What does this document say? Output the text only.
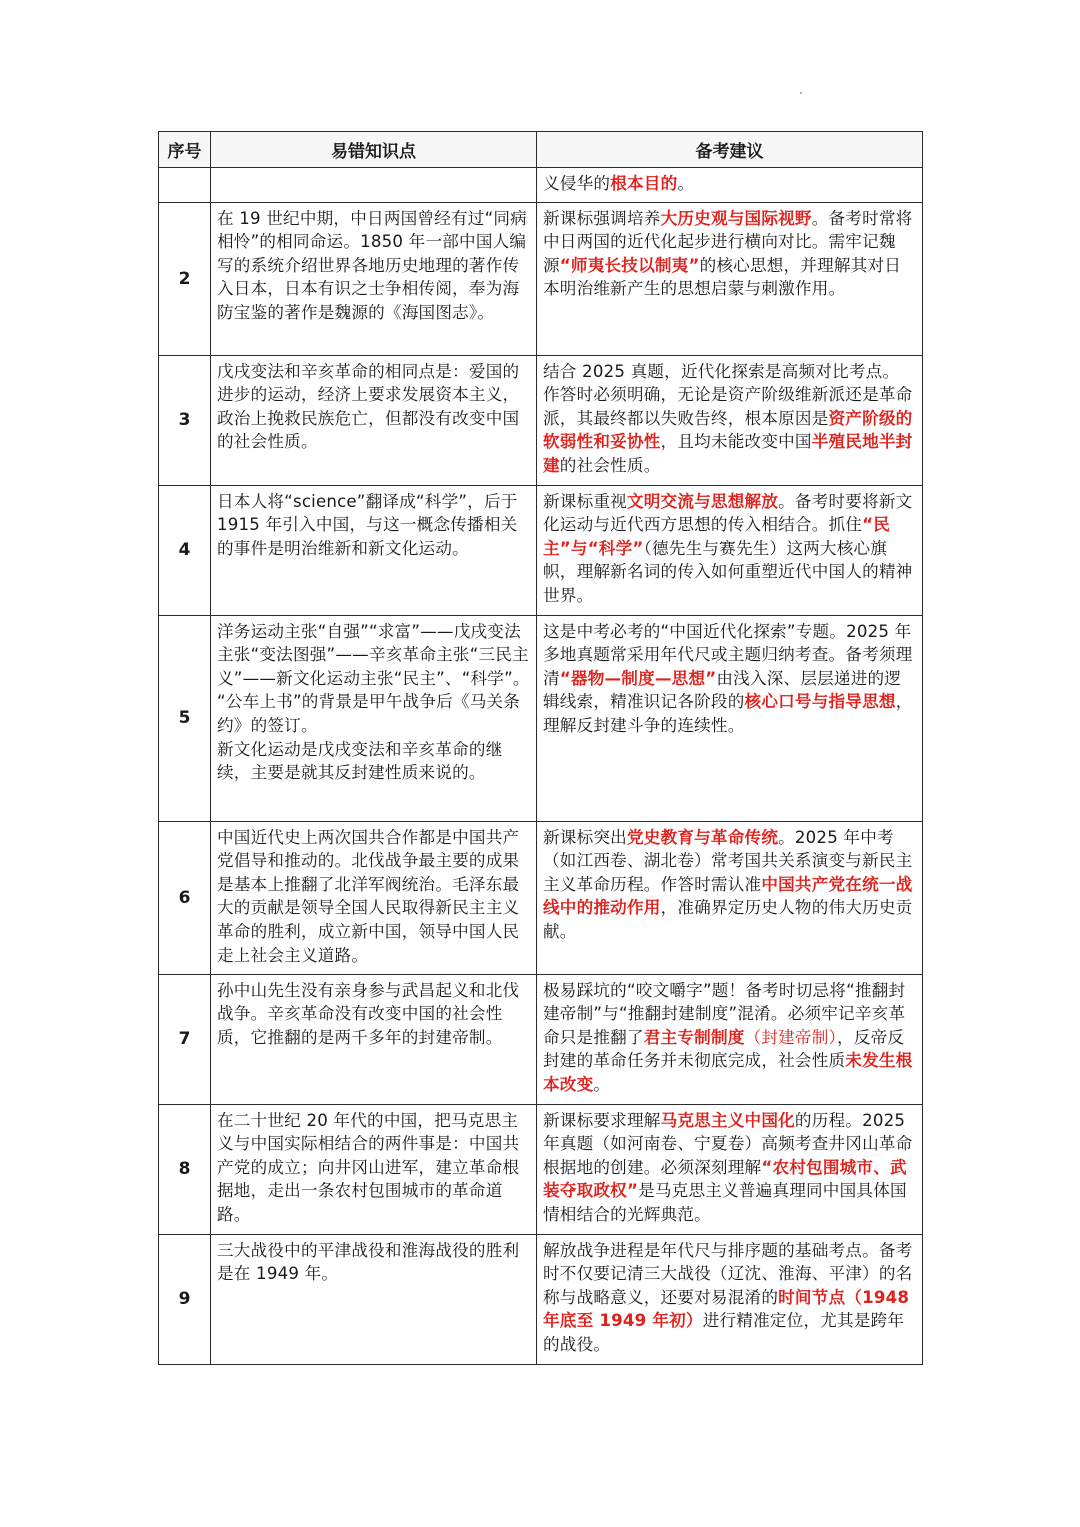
序号	易错知识点	备考建议

		义侵华的根本目的。

2	在 19 世纪中期，中日两国曾经有过“同病相怜”的相同命运。1850 年一部中国人编写的系统介绍世界各地历史地理的著作传入日本，日本有识之士争相传阅，奉为海防宝鉴的著作是魏源的《海国图志》。	新课标强调培养大历史观与国际视野。备考时常将中日两国的近代化起步进行横向对比。需牢记魏源“师夷长技以制夷”的核心思想，并理解其对日本明治维新产生的思想启蒙与刺激作用。

3	戊戌变法和辛亥革命的相同点是：爱国的进步的运动，经济上要求发展资本主义，政治上挽救民族危亡，但都没有改变中国的社会性质。	结合 2025 真题，近代化探索是高频对比考点。作答时必须明确，无论是资产阶级维新派还是革命派，其最终都以失败告终，根本原因是资产阶级的软弱性和妥协性，且均未能改变中国半殖民地半封建的社会性质。

4	日本人将“science”翻译成“科学”，后于 1915 年引入中国，与这一概念传播相关的事件是明治维新和新文化运动。	新课标重视文明交流与思想解放。备考时要将新文化运动与近代西方思想的传入相结合。抓住“民主”与“科学”（德先生与赛先生）这两大核心旗帜，理解新名词的传入如何重塑近代中国人的精神世界。

5	洋务运动主张“自强”“求富”——戊戌变法主张“变法图强”——辛亥革命主张“三民主义”——新文化运动主张“民主”、“科学”。

“公车上书”的背景是甲午战争后《马关条约》的签订。

新文化运动是戊戌变法和辛亥革命的继续，主要是就其反封建性质来说的。	这是中考必考的“中国近代化探索”专题。2025 年多地真题常采用年代尺或主题归纳考查。备考须理清“器物—制度—思想”由浅入深、层层递进的逻辑线索，精准识记各阶段的核心口号与指导思想，理解反封建斗争的连续性。

6	中国近代史上两次国共合作都是中国共产党倡导和推动的。北伐战争最主要的成果是基本上推翻了北洋军阀统治。毛泽东最大的贡献是领导全国人民取得新民主主义革命的胜利，成立新中国，领导中国人民走上社会主义道路。	新课标突出党史教育与革命传统。2025 年中考（如江西卷、湖北卷）常考国共关系演变与新民主主义革命历程。作答时需认准中国共产党在统一战线中的推动作用，准确界定历史人物的伟大历史贡献。

7	孙中山先生没有亲身参与武昌起义和北伐战争。辛亥革命没有改变中国的社会性质，它推翻的是两千多年的封建帝制。	极易踩坑的“咬文嚼字”题！备考时切忌将“推翻封建帝制”与“推翻封建制度”混淆。必须牢记辛亥革命只是推翻了君主专制制度（封建帝制），反帝反封建的革命任务并未彻底完成，社会性质未发生根本改变。

8	在二十世纪 20 年代的中国，把马克思主义与中国实际相结合的两件事是：中国共产党的成立；向井冈山进军，建立革命根据地，走出一条农村包围城市的革命道路。	新课标要求理解马克思主义中国化的历程。2025 年真题（如河南卷、宁夏卷）高频考查井冈山革命根据地的创建。必须深刻理解“农村包围城市、武装夺取政权”是马克思主义普遍真理同中国具体国情相结合的光辉典范。

9	三大战役中的平津战役和淮海战役的胜利是在 1949 年。	解放战争进程是年代尺与排序题的基础考点。备考时不仅要记清三大战役（辽沈、淮海、平津）的名称与战略意义，还要对易混淆的时间节点（1948 年底至 1949 年初）进行精准定位，尤其是跨年的战役。
